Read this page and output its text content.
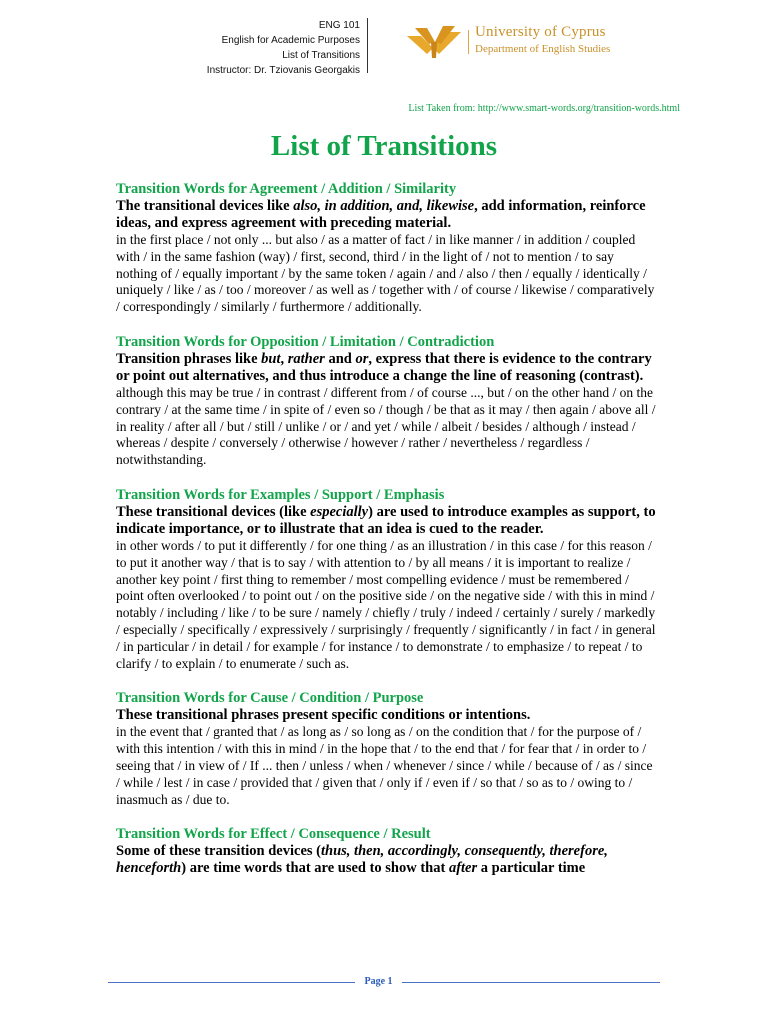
ENG 101
English for Academic Purposes
List of Transitions
Instructor: Dr. Tziovanis Georgakis
University of Cyprus
Department of English Studies
List Taken from: http://www.smart-words.org/transition-words.html
List of Transitions
Transition Words for Agreement / Addition / Similarity
The transitional devices like also, in addition, and, likewise, add information, reinforce ideas, and express agreement with preceding material.
in the first place / not only ... but also / as a matter of fact / in like manner / in addition / coupled with / in the same fashion (way) / first, second, third / in the light of / not to mention / to say nothing of / equally important / by the same token / again / and / also / then / equally / identically / uniquely / like / as / too / moreover / as well as / together with / of course / likewise / comparatively / correspondingly / similarly / furthermore / additionally.
Transition Words for Opposition / Limitation / Contradiction
Transition phrases like but, rather and or, express that there is evidence to the contrary or point out alternatives, and thus introduce a change the line of reasoning (contrast).
although this may be true / in contrast / different from / of course ..., but / on the other hand / on the contrary / at the same time / in spite of / even so / though / be that as it may / then again / above all / in reality / after all / but / still / unlike / or / and yet / while / albeit / besides / although / instead / whereas / despite / conversely / otherwise / however / rather / nevertheless / regardless / notwithstanding.
Transition Words for Examples / Support / Emphasis
These transitional devices (like especially) are used to introduce examples as support, to indicate importance, or to illustrate that an idea is cued to the reader.
in other words / to put it differently / for one thing / as an illustration / in this case / for this reason / to put it another way / that is to say / with attention to / by all means / it is important to realize / another key point / first thing to remember / most compelling evidence / must be remembered / point often overlooked / to point out / on the positive side / on the negative side / with this in mind / notably / including / like / to be sure / namely / chiefly / truly / indeed / certainly / surely / markedly / especially / specifically / expressively / surprisingly / frequently / significantly / in fact / in general / in particular / in detail / for example / for instance / to demonstrate / to emphasize / to repeat / to clarify / to explain / to enumerate / such as.
Transition Words for Cause / Condition / Purpose
These transitional phrases present specific conditions or intentions.
in the event that / granted that / as long as / so long as / on the condition that / for the purpose of / with this intention / with this in mind / in the hope that / to the end that / for fear that / in order to / seeing that / in view of / If ... then / unless / when / whenever / since / while / because of / as / since / while / lest / in case / provided that / given that / only if / even if / so that / so as to / owing to / inasmuch as / due to.
Transition Words for Effect / Consequence / Result
Some of these transition devices (thus, then, accordingly, consequently, therefore, henceforth) are time words that are used to show that after a particular time
Page 1
